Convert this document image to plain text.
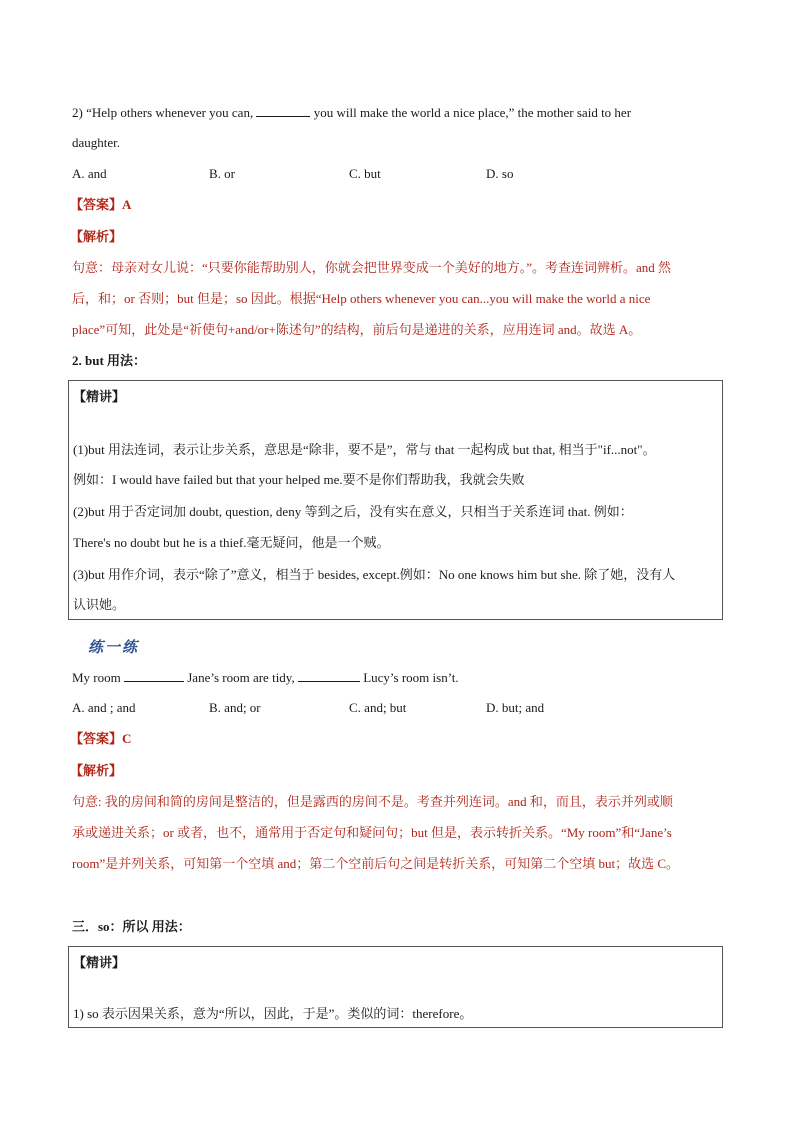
2) “Help others whenever you can,	you will make the world a nice place,” the mother said to her
daughter.
A. and	B. or	C. but	D. so
【答案】A
【解析】
句意：母亲对女儿说：“只要你能帮助别人，你就会把世界变成一个美好的地方。”。考查连词辨析。and 然
后，和；or 否则；but 但是；so 因此。根据“Help others whenever you can...you will make the world a nice
place”可知，此处是“祈使句+and/or+陈述句”的结构，前后句是递进的关系，应用连词 and。故选 A。
2. but 用法：
【精讲】
(1)but 用法连词，表示让步关系，意思是“除非，要不是”，常与 that 一起构成 but that, 相当于"if...not"。
例如：I would have failed but that your helped me.要不是你们帮助我，我就会失败
(2)but 用于否定词加 doubt, question, deny 等到之后，没有实在意义，只相当于关系连词 that. 例如：
There's no doubt but he is a thief.毫无疑问，他是一个贼。
(3)but 用作介词，表示“除了”意义，相当于 besides, except.例如：No one knows him but she. 除了她，没有人
认识她。
练一练
My room	Jane’s room are tidy,	Lucy’s room isn’t.
A. and ; and	B. and; or	C. and; but	D. but; and
【答案】C
【解析】
句意: 我的房间和简的房间是整洁的，但是露西的房间不是。考查并列连词。and 和，而且，表示并列或顺
承或递进关系；or 或者，也不，通常用于否定句和疑问句；but 但是，表示转折关系。“My room”和“Jane’s
room”是并列关系，可知第一个空填 and；第二个空前后句之间是转折关系，可知第二个空填 but；故选 C。
三．so：所以 用法：
【精讲】
1) so 表示因果关系，意为“所以，因此，于是”。类似的词：therefore。
